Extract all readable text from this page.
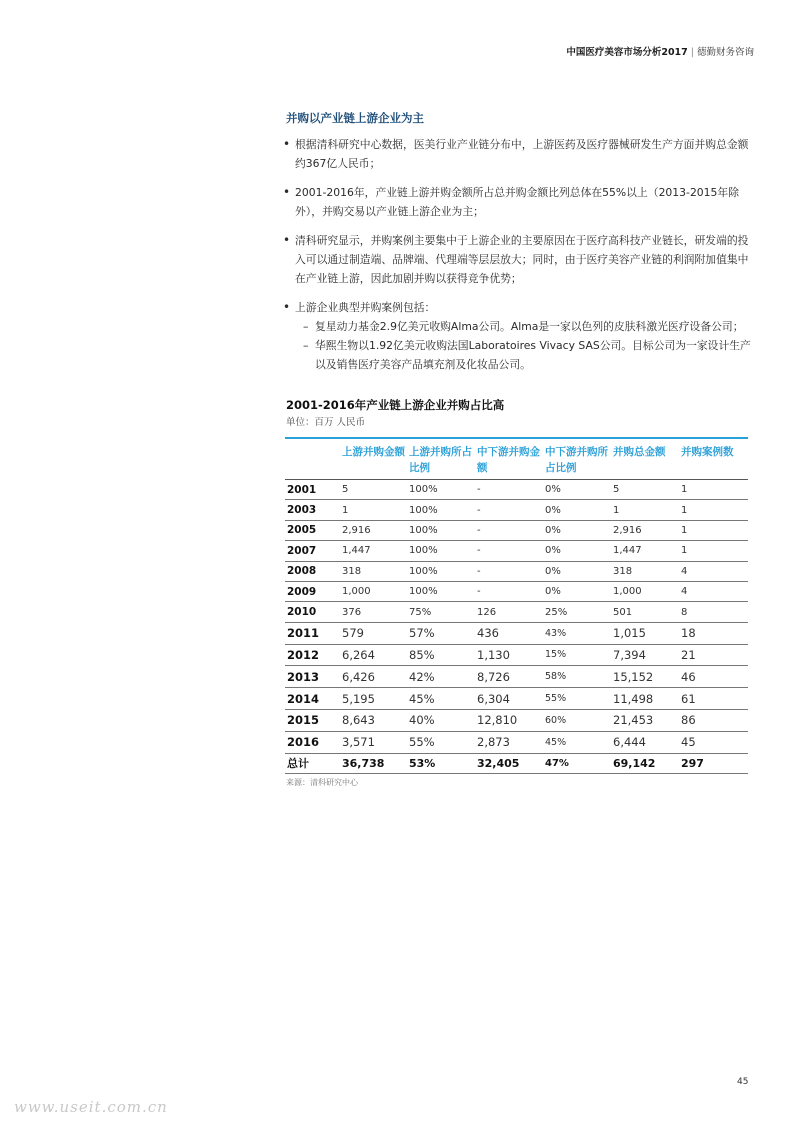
中国医疗美容市场分析2017 | 德勤财务咨询
并购以产业链上游企业为主
• 根据清科研究中心数据，医美行业产业链分布中，上游医药及医疗器械研发生产方面并购总金额约367亿人民币；
• 2001-2016年，产业链上游并购金额所占总并购金额比列总体在55%以上（2013-2015年除外），并购交易以产业链上游企业为主；
• 清科研究显示，并购案例主要集中于上游企业的主要原因在于医疗高科技产业链长，研发端的投入可以通过制造端、品牌端、代理端等层层放大；同时，由于医疗美容产业链的利润附加值集中在产业链上游，因此加剧并购以获得竞争优势；
• 上游企业典型并购案例包括：
– 复星动力基金2.9亿美元收购Alma公司。Alma是一家以色列的皮肤科激光医疗设备公司；
– 华熙生物以1.92亿美元收购法国Laboratoires Vivacy SAS公司。目标公司为一家设计生产以及销售医疗美容产品填充剂及化妆品公司。
2001-2016年产业链上游企业并购占比高
单位：百万 人民币
	上游并购金额	上游并购所占比例	中下游并购金额	中下游并购所占比例	并购总金额	并购案例数
2001	5	100%	-	0%	5	1
2003	1	100%	-	0%	1	1
2005	2,916	100%	-	0%	2,916	1
2007	1,447	100%	-	0%	1,447	1
2008	318	100%	-	0%	318	4
2009	1,000	100%	-	0%	1,000	4
2010	376	75%	126	25%	501	8
2011	579	57%	436	43%	1,015	18
2012	6,264	85%	1,130	15%	7,394	21
2013	6,426	42%	8,726	58%	15,152	46
2014	5,195	45%	6,304	55%	11,498	61
2015	8,643	40%	12,810	60%	21,453	86
2016	3,571	55%	2,873	45%	6,444	45
总计	36,738	53%	32,405	47%	69,142	297
来源：清科研究中心
45
www.useit.com.cn
